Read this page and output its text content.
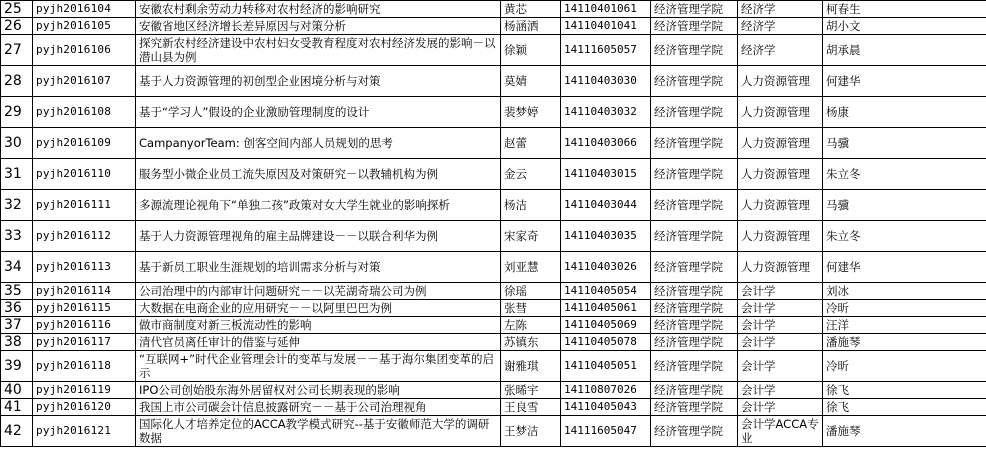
25	pyjh2016104	安徽农村剩余劳动力转移对农村经济的影响研究	黄芯	14110401061	经济管理学院	经济学	柯春生
26	pyjh2016105	安徽省地区经济增长差异原因与对策分析	杨涵洒	14110401041	经济管理学院	经济学	胡小文
27	pyjh2016106	探究新农村经济建设中农村妇女受教育程度对农村经济发展的影响－以潜山县为例	徐颖	14111605057	经济管理学院	经济学	胡承晨
28	pyjh2016107	基于人力资源管理的初创型企业困境分析与对策	莫婧	14110403030	经济管理学院	人力资源管理	何建华
29	pyjh2016108	基于“学习人”假设的企业激励管理制度的设计	裴梦婷	14110403032	经济管理学院	人力资源管理	杨康
30	pyjh2016109	CampanyorTeam: 创客空间内部人员规划的思考	赵蕾	14110403066	经济管理学院	人力资源管理	马骥
31	pyjh2016110	服务型小微企业员工流失原因及对策研究－以教辅机构为例	金云	14110403015	经济管理学院	人力资源管理	朱立冬
32	pyjh2016111	多源流理论视角下“单独二孩”政策对女大学生就业的影响探析	杨洁	14110403044	经济管理学院	人力资源管理	马骥
33	pyjh2016112	基于人力资源管理视角的雇主品牌建设－－以联合利华为例	宋家奇	14110403035	经济管理学院	人力资源管理	朱立冬
34	pyjh2016113	基于新员工职业生涯规划的培训需求分析与对策	刘亚慧	14110403026	经济管理学院	人力资源管理	何建华
35	pyjh2016114	公司治理中的内部审计问题研究－－以芜湖奇瑞公司为例	徐瑶	14110405054	经济管理学院	会计学	刘冰
36	pyjh2016115	大数据在电商企业的应用研究－－以阿里巴巴为例	张彗	14110405061	经济管理学院	会计学	冷昕
37	pyjh2016116	做市商制度对新三板流动性的影响	左陈	14110405069	经济管理学院	会计学	汪洋
38	pyjh2016117	清代官员离任审计的借鉴与延伸	苏镇东	14110405078	经济管理学院	会计学	潘施琴
39	pyjh2016118	“互联网+”时代企业管理会计的变革与发展－－基于海尔集团变革的启示	谢雅琪	14110405051	经济管理学院	会计学	冷昕
40	pyjh2016119	IPO公司创始股东海外居留权对公司长期表现的影响	张晞宇	14110807026	经济管理学院	会计学	徐飞
41	pyjh2016120	我国上市公司碳会计信息披露研究－－基于公司治理视角	王良雪	14110405043	经济管理学院	会计学	徐飞
42	pyjh2016121	国际化人才培养定位的ACCA教学模式研究--基于安徽师范大学的调研数据	王梦洁	14111605047	经济管理学院	会计学ACCA专业	潘施琴
